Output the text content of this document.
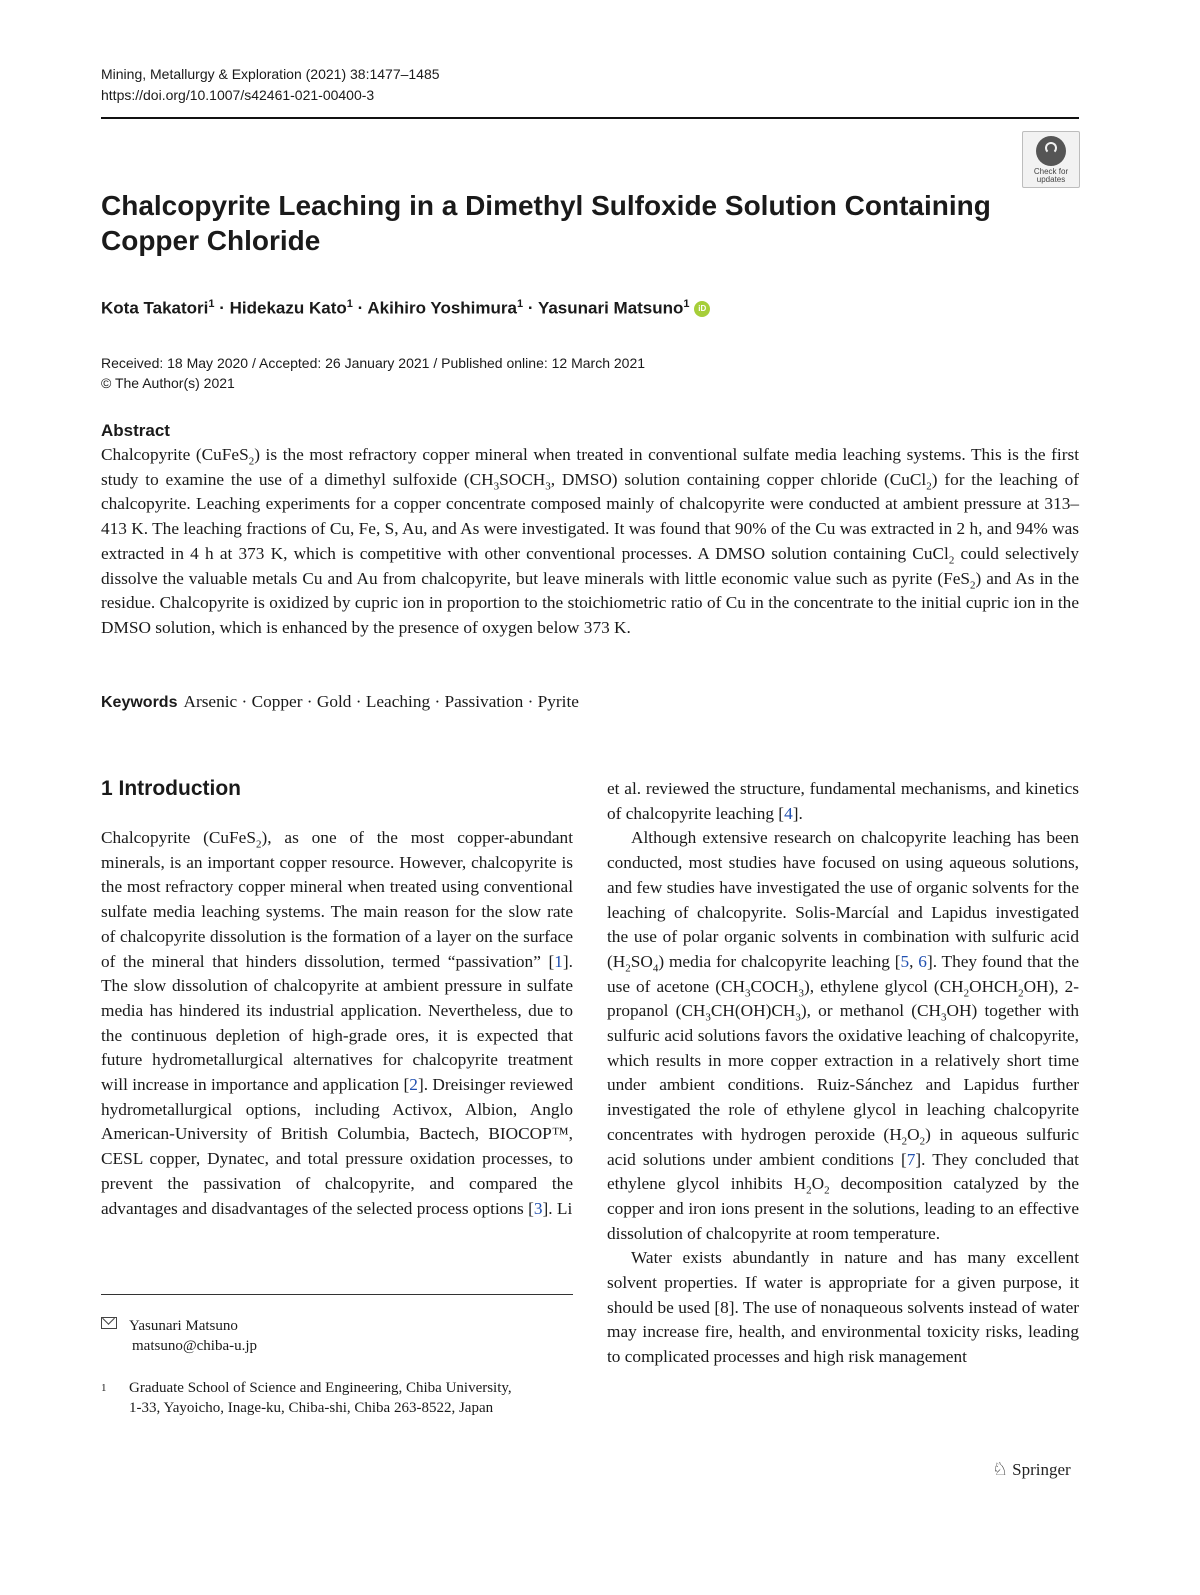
Mining, Metallurgy & Exploration (2021) 38:1477–1485
https://doi.org/10.1007/s42461-021-00400-3
Check for updates
Chalcopyrite Leaching in a Dimethyl Sulfoxide Solution Containing Copper Chloride
Kota Takatori$^1$ · Hidekazu Kato$^1$ · Akihiro Yoshimura$^1$ · Yasunari Matsuno$^1$ iD
Received: 18 May 2020 / Accepted: 26 January 2021 / Published online: 12 March 2021
© The Author(s) 2021
Abstract

Chalcopyrite (CuFeS$_2$) is the most refractory copper mineral when treated in conventional sulfate media leaching systems. This is the first study to examine the use of a dimethyl sulfoxide ($CH_3SOCH_3$, DMSO) solution containing copper chloride (CuCl$_2$) for the leaching of chalcopyrite. Leaching experiments for a copper concentrate composed mainly of chalcopyrite were conducted at ambient pressure at 313–413 K. The leaching fractions of Cu, Fe, S, Au, and As were investigated. It was found that 90% of the Cu was extracted in 2 h, and 94% was extracted in 4 h at 373 K, which is competitive with other conventional processes. A DMSO solution containing CuCl$_2$ could selectively dissolve the valuable metals Cu and Au from chalcopyrite, but leave minerals with little economic value such as pyrite (FeS$_2$) and As in the residue. Chalcopyrite is oxidized by cupric ion in proportion to the stoichiometric ratio of Cu in the concentrate to the initial cupric ion in the DMSO solution, which is enhanced by the presence of oxygen below 373 K.

Keywords Arsenic · Copper · Gold · Leaching · Passivation · Pyrite
1 Introduction

Chalcopyrite (CuFeS$_2$), as one of the most copper-abundant minerals, is an important copper resource. However, chalcopyrite is the most refractory copper mineral when treated using conventional sulfate media leaching systems. The main reason for the slow rate of chalcopyrite dissolution is the formation of a layer on the surface of the mineral that hinders dissolution, termed “passivation” [1]. The slow dissolution of chalcopyrite at ambient pressure in sulfate media has hindered its industrial application. Nevertheless, due to the continuous depletion of high-grade ores, it is expected that future hydrometallurgical alternatives for chalcopyrite treatment will increase in importance and application [2]. Dreisinger reviewed hydrometallurgical options, including Activox, Albion, Anglo American-University of British Columbia, Bactech, BIOCOP™, CESL copper, Dynatec, and total pressure oxidation processes, to prevent the passivation of chalcopyrite, and compared the advantages and disadvantages of the selected process options [3]. Li

et al. reviewed the structure, fundamental mechanisms, and kinetics of chalcopyrite leaching [4].

Although extensive research on chalcopyrite leaching has been conducted, most studies have focused on using aqueous solutions, and few studies have investigated the use of organic solvents for the leaching of chalcopyrite. Solis-Marcíal and Lapidus investigated the use of polar organic solvents in combination with sulfuric acid $(H_2SO_4)$ media for chalcopyrite leaching [5, 6]. They found that the use of acetone $(CH_3COCH_3)$, ethylene glycol $(CH_2OHCH_2OH)$, 2-propanol $(CH_3CH(OH)CH_3)$, or methanol $(CH_3OH)$ together with sulfuric acid solutions favors the oxidative leaching of chalcopyrite, which results in more copper extraction in a relatively short time under ambient conditions. Ruiz-Sánchez and Lapidus further investigated the role of ethylene glycol in leaching chalcopyrite concentrates with hydrogen peroxide $(H_2O_2)$ in aqueous sulfuric acid solutions under ambient conditions [7]. They concluded that ethylene glycol inhibits $H_2O_2$ decomposition catalyzed by the copper and iron ions present in the solutions, leading to an effective dissolution of chalcopyrite at room temperature.

Water exists abundantly in nature and has many excellent solvent properties. If water is appropriate for a given purpose, it should be used [8]. The use of nonaqueous solvents instead of water may increase fire, health, and environmental toxicity risks, leading to complicated processes and high risk management

Yasunari Matsuno
matsuno@chiba-u.jp
1 Graduate School of Science and Engineering, Chiba University,
1-33, Yayoicho, Inage-ku, Chiba-shi, Chiba 263-8522, Japan
♘ Springer
